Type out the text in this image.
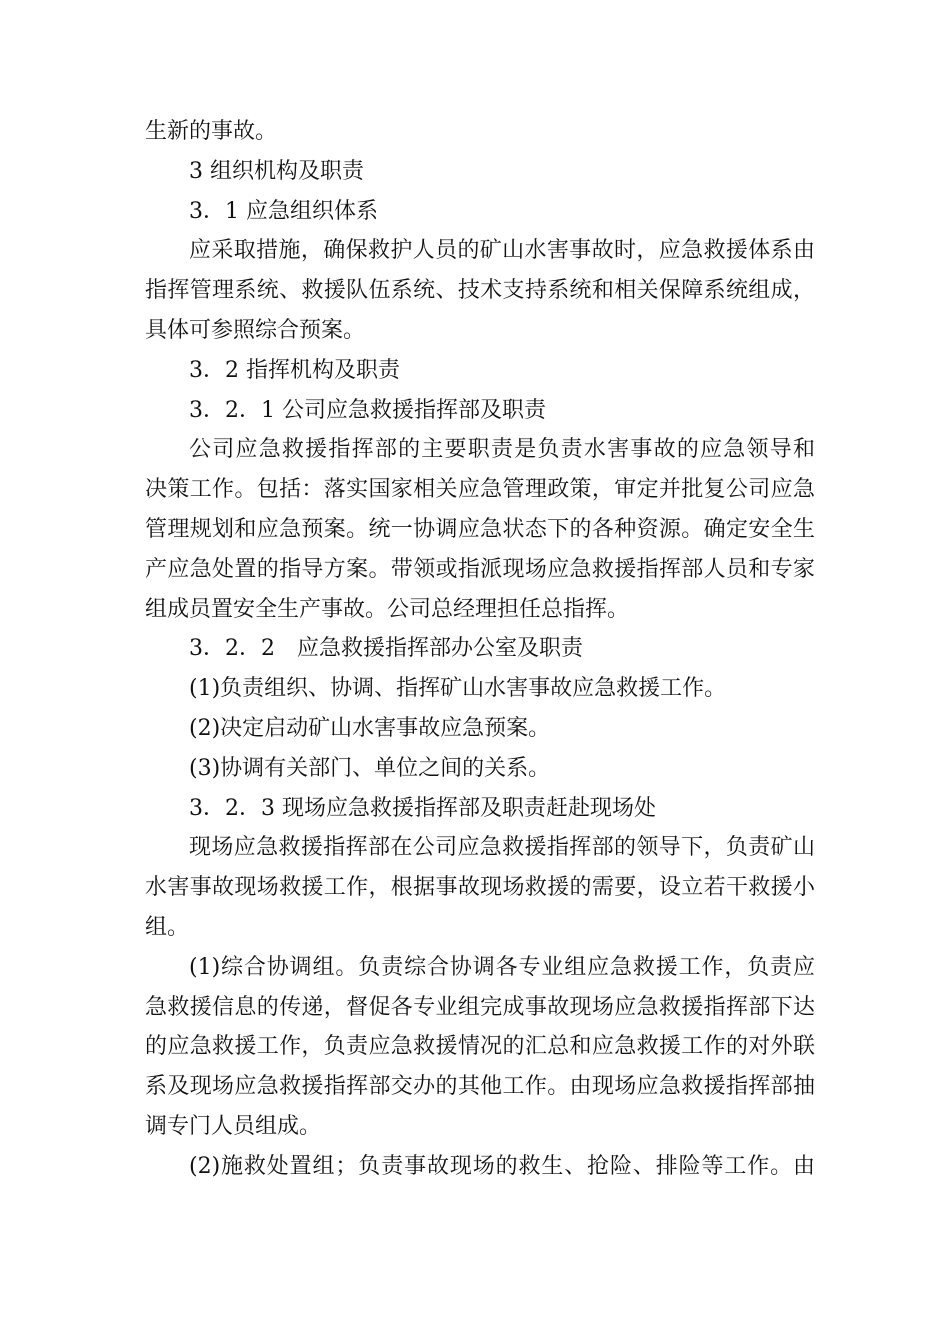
生新的事故。
3 组织机构及职责
3．1 应急组织体系
应采取措施，确保救护人员的矿山水害事故时，应急救援体系由
指挥管理系统、救援队伍系统、技术支持系统和相关保障系统组成，
具体可参照综合预案。
3．2 指挥机构及职责
3．2．1 公司应急救援指挥部及职责
公司应急救援指挥部的主要职责是负责水害事故的应急领导和
决策工作。包括：落实国家相关应急管理政策，审定并批复公司应急
管理规划和应急预案。统一协调应急状态下的各种资源。确定安全生
产应急处置的指导方案。带领或指派现场应急救援指挥部人员和专家
组成员置安全生产事故。公司总经理担任总指挥。
3．2．2　应急救援指挥部办公室及职责
(1)负责组织、协调、指挥矿山水害事故应急救援工作。
(2)决定启动矿山水害事故应急预案。
(3)协调有关部门、单位之间的关系。
3．2．3 现场应急救援指挥部及职责赶赴现场处
现场应急救援指挥部在公司应急救援指挥部的领导下，负责矿山
水害事故现场救援工作，根据事故现场救援的需要，设立若干救援小
组。
(1)综合协调组。负责综合协调各专业组应急救援工作，负责应
急救援信息的传递，督促各专业组完成事故现场应急救援指挥部下达
的应急救援工作，负责应急救援情况的汇总和应急救援工作的对外联
系及现场应急救援指挥部交办的其他工作。由现场应急救援指挥部抽
调专门人员组成。
(2)施救处置组；负责事故现场的救生、抢险、排险等工作。由
